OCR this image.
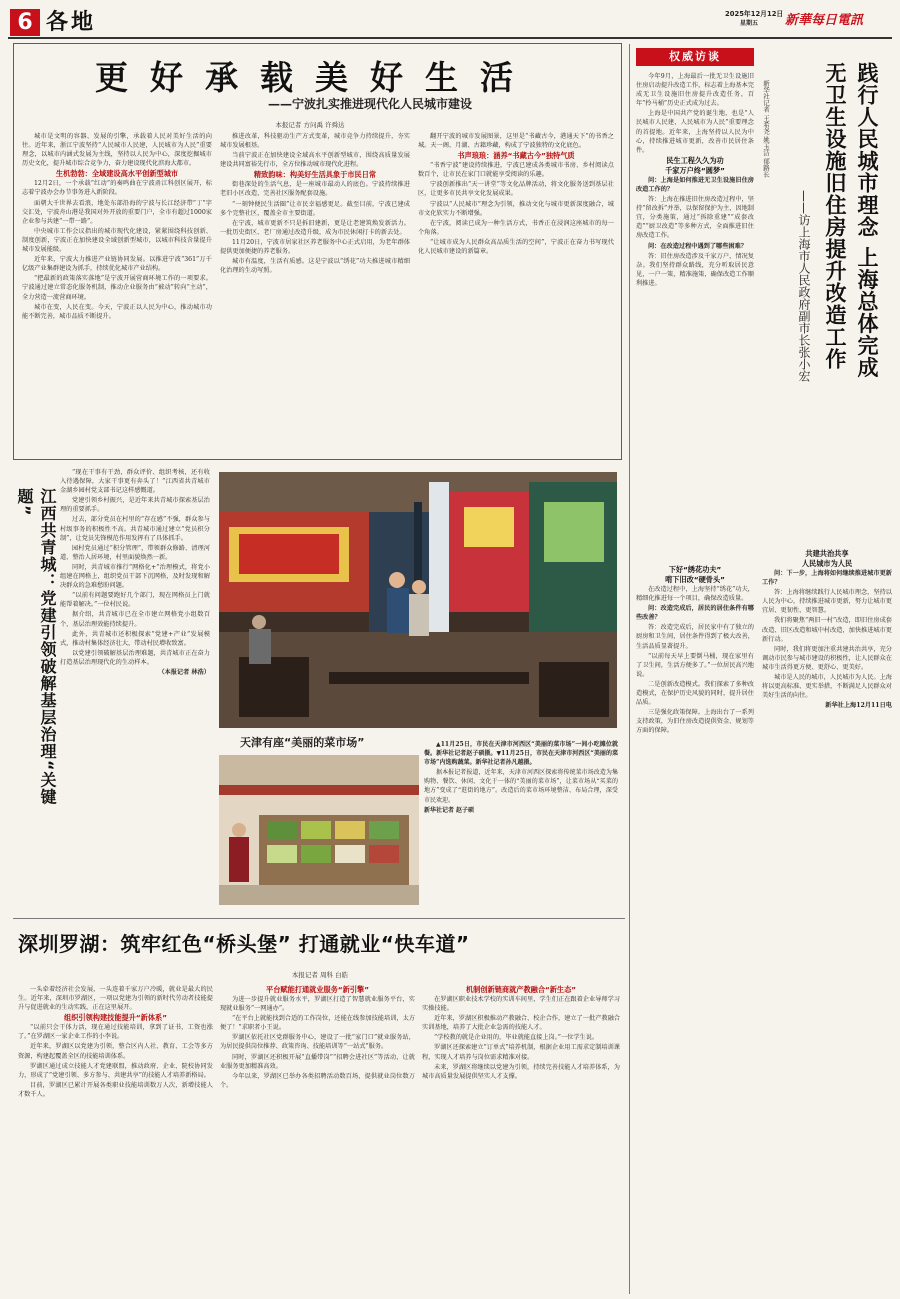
6 各地	2025年12月12日
星期五 新華每日電訊
更好承载美好生活
——宁波扎实推进现代化人民城市建设
本报记者 方问禹 许舜达

城市是文明的容器、发展的引擎，承载着人民对美好生活的向往。近年来，浙江宁波坚持“人民城市人民建，人民城市为人民”重要理念，以城市内涵式发展为主线，坚持以人民为中心，深度挖掘城市历史文化，提升城市综合竞争力，奋力建设现代化滨海大都市。

生机勃勃：全域建设高水平创新型城市

12月2日，一个承载“红动”的奏鸣曲在宁波甬江科创区展开，标志着宁波办会办节事务进入新阶段。

面朝大千世界去看浪，地处东部沿海的宁波与长江经济带“丁”字交汇处，宁波舟山港是我国对外开放的重要门户，全市有超过1000家企业参与共建“一带一路”。

中央城市工作会议指出的城市现代化建设，紧紧围绕科技创新、制度创新，宁波正在加快建设全域创新型城市，以城市科技含量提升城市发展能级。

近年来，宁波大力推进产业链协同发展。以推进宁波“361”万千亿级产业集群建设为抓手，持续优化城市产业结构。

“把最新的政策落实落地”是宁波开展营商环境工作的一项要求。宁波通过建立常态化服务机制，推动企业服务由“被动”转向“主动”，全力营造一流营商环境。

城市在变，人民在变。今天，宁波正以人民为中心，推动城市功能不断完善，城市品质不断提升。

推进改革，科技驱动生产方式变革，城市竞争力持续提升，夯实城市发展根基。

当前宁波正在加快建设全域高水平创新型城市，围绕高质量发展建设共同富裕先行市，全方位推动城市现代化进程。

精致韵味：构美好生活具象于市民日常

街巷深处的生活气息，是一座城市最动人的底色。宁波持续推进老旧小区改造，完善社区服务配套设施。

“一刻钟便民生活圈”让市民幸福感更足。截至目前，宁波已建成多个完整社区，覆盖全市主要街道。

在宁波，城市更新不只是拆旧建新，更是让老建筑焕发新活力。一批历史街区、老厂房通过改造升级，成为市民休闲打卡的新去处。

11月20日，宁波市居家社区养老服务中心正式启用，为老年群体提供更加便捷的养老服务。

城市有温度，生活有质感。这是宁波以“绣花”功夫推进城市精细化治理的生动写照。

翻开宁波的城市发展图景，这里是“书藏古今，港通天下”的书香之城。天一阁、月湖、古籍珍藏，构成了宁波独特的文化底色。

书声琅琅：涵养“书藏古今”独特气质

“书香宁波”建设持续推进，宁波已建成各类城市书房、乡村阅读点数百个，让市民在家门口就能享受阅读的乐趣。

宁波创新推出“天一讲堂”等文化品牌活动，将文化服务送到基层社区，让更多市民共享文化发展成果。

宁波以“人民城市”理念为引领，推动文化与城市更新深度融合，城市文化软实力不断增强。

在宁波，阅读已成为一种生活方式，书香正在浸润这座城市的每一个角落。

“让城市成为人民群众高品质生活的空间”，宁波正在奋力书写现代化人民城市建设的新篇章。

江西共青城：党建引领破解基层治理“关键题”

“现在干事有干劲，群众评价、组织考核，还有收入待遇保障，大家干事更有奔头了！”江西省共青城市金湖乡园村党支部书记这样感慨道。

党建引领乡村振兴，是近年来共青城市探索基层治理的重要抓手。

过去，部分党员在村里的“存在感”不强，群众参与村级事务的积极性不高。共青城市通过建立“党员积分制”，让党员先锋模范作用发挥有了具体抓手。

园村党员通过“积分管理”，带领群众修路、清理河道、整治人居环境，村里面貌焕然一新。

同时，共青城市推行“网格化+”治理模式，将党小组建在网格上，组织党员干部下沉网格，及时发现和解决群众的急难愁盼问题。

“以前有问题要跑好几个部门，现在网格员上门就能帮着解决。”一位村民说。

据介绍，共青城市已在全市建立网格党小组数百个，基层治理效能持续提升。

此外，共青城市还积极探索“党建+产业”发展模式，推动村集体经济壮大，带动村民增收致富。

以党建引领破解基层治理难题，共青城市正在奋力打造基层治理现代化的生动样本。

（本报记者 林浩）
天津有座“美丽的菜市场”	▲11月25日，市民在天津市河西区“美丽的菜市场”一间小吃摊位就餐。新华社记者赵子硕摄。▼11月25日，市民在天津市河西区“美丽的菜市场”内选购蔬菜。新华社记者孙凡越摄。

据本报记者报道，近年来，天津市河西区探索将传统菜市场改造为集购物、餐饮、休闲、文化于一体的“美丽的菜市场”，让菜市场从“买菜的地方”变成了“逛街的地方”。改造后的菜市场环境整洁、布局合理，深受市民欢迎。

新华社记者 赵子硕
深圳罗湖：筑牢红色“桥头堡” 打通就业“快车道”
本报记者 周科 白皓

一头牵着经济社会发展，一头连着千家万户冷暖，就业是最大的民生。近年来，深圳市罗湖区，一项以党建为引领的新时代劳动者技能提升与促进就业的生动实践，正在这里展开。

组织引领构建技能提升“新体系”

“以前只会干体力活，现在通过技能培训，拿到了证书，工资也涨了。”在罗湖区一家企业工作的小李说。

近年来，罗湖区以党建为引领，整合区内人社、教育、工会等多方资源，构建起覆盖全区的技能培训体系。

罗湖区通过成立技能人才党建联盟，推动政府、企业、院校协同发力，形成了“党建引领、多方参与、共建共享”的技能人才培养新格局。

目前，罗湖区已累计开展各类职业技能培训数万人次，新增技能人才数千人。

平台赋能打通就业服务“新引擎”

为进一步提升就业服务水平，罗湖区打造了智慧就业服务平台，实现就业服务“一网通办”。

“在平台上就能找到合适的工作岗位，还能在线参加技能培训，太方便了！”求职者小王说。

罗湖区依托社区党群服务中心，建设了一批“家门口”就业服务站，为居民提供岗位推荐、政策咨询、技能培训等“一站式”服务。

同时，罗湖区还积极开展“直播带岗”“招聘会进社区”等活动，让就业服务更加精准高效。

今年以来，罗湖区已举办各类招聘活动数百场，提供就业岗位数万个。

机制创新链商就产教融合“新生态”

在罗湖区职业技术学校的实训车间里，学生们正在跟着企业导师学习实操技能。

近年来，罗湖区积极推动产教融合、校企合作，建立了一批产教融合实训基地，培养了大批企业急需的技能人才。

“学校教的就是企业用的，毕业就能直接上岗。”一位学生说。

罗湖区还探索建立“订单式”培养机制，根据企业用工需求定制培训课程，实现人才培养与岗位需求精准对接。

未来，罗湖区将继续以党建为引领，持续完善技能人才培养体系，为城市高质量发展提供坚实人才支撑。

权威访谈
践行人民城市理念 上海总体完成
无卫生设施旧住房提升改造工作
——访上海市人民政府副市长张小宏
新华社记者 王希尧 姚玉洁 郁路长

今年9月，上海最后一批无卫生设施旧住房启动提升改造工作，标志着上海基本完成无卫生设施旧住房提升改造任务，百年“拎马桶”历史正式成为过去。

上海是中国共产党的诞生地，也是“人民城市人民建，人民城市为人民”重要理念的首提地。近年来，上海坚持以人民为中心，持续推进城市更新，改善市民居住条件。

民生工程久久为功
千家万户终“圆梦”

问：上海是如何推进无卫生设施旧住房改造工作的？

答：上海在推进旧住房改造过程中，坚持“留改拆”并举，以保留保护为主，因地制宜，分类施策，通过“拆除重建”“成套改造”“厨卫改造”等多种方式，全面推进旧住房改造工作。

问：在改造过程中遇到了哪些困难？

答：旧住房改造涉及千家万户，情况复杂。我们坚持群众路线，充分听取居民意见，一户一策，精准施策，确保改造工作顺利推进。

下好“绣花功夫”
啃下旧改“硬骨头”

在改造过程中，上海坚持“绣花”功夫，精细化推进每一个项目，确保改造质量。

问：改造完成后，居民的居住条件有哪些改善？

答：改造完成后，居民家中有了独立的厨房和卫生间，居住条件得到了极大改善，生活品质显著提升。

“以前每天早上要倒马桶，现在家里有了卫生间，生活方便多了。”一位居民高兴地说。

二是创新改造模式。我们探索了多种改造模式，在保护历史风貌的同时，提升居住品质。

三是强化政策保障。上海出台了一系列支持政策，为旧住房改造提供资金、规划等方面的保障。

共建共治共享
人民城市为人民

问：下一步，上海将如何继续推进城市更新工作？

答：上海将继续践行人民城市理念，坚持以人民为中心，持续推进城市更新，努力让城市更宜居、更韧性、更智慧。

我们将聚焦“两旧一村”改造，即旧住房成套改造、旧区改造和城中村改造，加快推进城市更新行动。

同时，我们将更加注重共建共治共享，充分调动市民参与城市建设的积极性，让人民群众在城市生活得更方便、更舒心、更美好。

城市是人民的城市，人民城市为人民。上海将以更高标准、更实举措，不断满足人民群众对美好生活的向往。

新华社上海12月11日电
